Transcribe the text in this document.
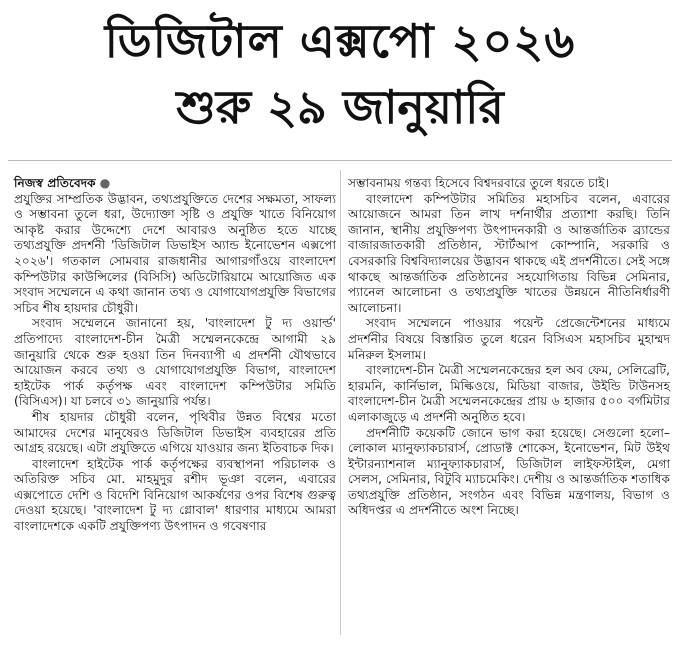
ডিজিটাল এক্সপো ২০২৬
শুরু ২৯ জানুয়ারি

নিজস্ব প্রতিবেদক ●

প্রযুক্তির সাম্প্রতিক উদ্ভাবন, তথ্যপ্রযুক্তিতে দেশের সক্ষমতা, সাফল্য ও সম্ভাবনা তুলে ধরা, উদ্যোক্তা সৃষ্টি ও প্রযুক্তি খাতে বিনিয়োগ আকৃষ্ট করার উদ্দেশ্যে দেশে আবারও অনুষ্ঠিত হতে যাচ্ছে তথ্যপ্রযুক্তি প্রদর্শনী 'ডিজিটাল ডিভাইস অ্যান্ড ইনোভেশন এক্সপো ২০২৬'। গতকাল সোমবার রাজধানীর আগারগাঁওয়ে বাংলাদেশ কম্পিউটার কাউন্সিলের (বিসিসি) অডিটোরিয়ামে আয়োজিত এক সংবাদ সম্মেলনে এ কথা জানান তথ্য ও যোগাযোগপ্রযুক্তি বিভাগের সচিব শীষ হায়দার চৌধুরী।

সংবাদ সম্মেলনে জানানো হয়, 'বাংলাদেশ টু দ্য ওয়ার্ল্ড' প্রতিপাদ্যে বাংলাদেশ-চীন মৈত্রী সম্মেলনকেন্দ্রে আগামী ২৯ জানুয়ারি থেকে শুরু হওয়া তিন দিনব্যাপী এ প্রদর্শনী যৌথভাবে আয়োজন করবে তথ্য ও যোগাযোগপ্রযুক্তি বিভাগ, বাংলাদেশ হাইটেক পার্ক কর্তৃপক্ষ এবং বাংলাদেশ কম্পিউটার সমিতি (বিসিএস)। যা চলবে ৩১ জানুয়ারি পর্যন্ত।

শীষ হায়দার চৌধুরী বলেন, পৃথিবীর উন্নত বিশ্বের মতো আমাদের দেশের মানুষেরও ডিজিটাল ডিভাইস ব্যবহারের প্রতি আগ্রহ রয়েছে। এটা প্রযুক্তিতে এগিয়ে যাওয়ার জন্য ইতিবাচক দিক।

বাংলাদেশ হাইটেক পার্ক কর্তৃপক্ষের ব্যবস্থাপনা পরিচালক ও অতিরিক্ত সচিব মো. মাহমুদুর রশীদ ভূঞা বলেন, এবারের এক্সপোতে দেশি ও বিদেশি বিনিয়োগ আকর্ষণের ওপর বিশেষ গুরুত্ব দেওয়া হয়েছে। 'বাংলাদেশ টু দ্য গ্লোবাল' ধারণার মাধ্যমে আমরা বাংলাদেশকে একটি প্রযুক্তিপণ্য উৎপাদন ও গবেষণার

সম্ভাবনাময় গন্তব্য হিসেবে বিশ্বদরবারে তুলে ধরতে চাই।

বাংলাদেশ কম্পিউটার সমিতির মহাসচিব বলেন, এবারের আয়োজনে আমরা তিন লাখ দর্শনার্থীর প্রত্যাশা করছি। তিনি জানান, স্থানীয় প্রযুক্তিপণ্য উৎপাদনকারী ও আন্তর্জাতিক ব্র্যান্ডের বাজারজাতকারী প্রতিষ্ঠান, স্টার্টআপ কোম্পানি, সরকারি ও বেসরকারি বিশ্ববিদ্যালয়ের উদ্ভাবন থাকছে এই প্রদর্শনীতে। সেই সঙ্গে থাকছে আন্তর্জাতিক প্রতিষ্ঠানের সহযোগিতায় বিভিন্ন সেমিনার, প্যানেল আলোচনা ও তথ্যপ্রযুক্তি খাতের উন্নয়নে নীতিনির্ধারণী আলোচনা।

সংবাদ সম্মেলনে পাওয়ার পয়েন্ট প্রেজেন্টেশনের মাধ্যমে প্রদর্শনীর বিষয়ে বিস্তারিত তুলে ধরেন বিসিএস মহাসচিব মুহাম্মদ মনিরুল ইসলাম।

বাংলাদেশ-চীন মৈত্রী সম্মেলনকেন্দ্রের হল অব ফেম, সেলিব্রেটি, হারমনি, কার্নিভাল, মিল্কিওয়ে, মিডিয়া বাজার, উইন্ডি টাউনসহ বাংলাদেশ-চীন মৈত্রী সম্মেলনকেন্দ্রের প্রায় ৬ হাজার ৫০০ বর্গমিটার এলাকাজুড়ে এ প্রদর্শনী অনুষ্ঠিত হবে।

প্রদর্শনীটি কয়েকটি জোনে ভাগ করা হয়েছে। সেগুলো হলো– লোকাল ম্যানুফ্যাকচারার্স, প্রোডাক্ট শোকেস, ইনোভেশন, মিট উইথ ইন্টারন্যাশনাল ম্যানুফ্যাকচারার্স, ডিজিটাল লাইফস্টাইল, মেগা সেলস, সেমিনার, বিটুবি ম্যাচমেকিং। দেশীয় ও আন্তর্জাতিক শতাধিক তথ্যপ্রযুক্তি প্রতিষ্ঠান, সংগঠন এবং বিভিন্ন মন্ত্রণালয়, বিভাগ ও অধিদপ্তর এ প্রদর্শনীতে অংশ নিচ্ছে।
